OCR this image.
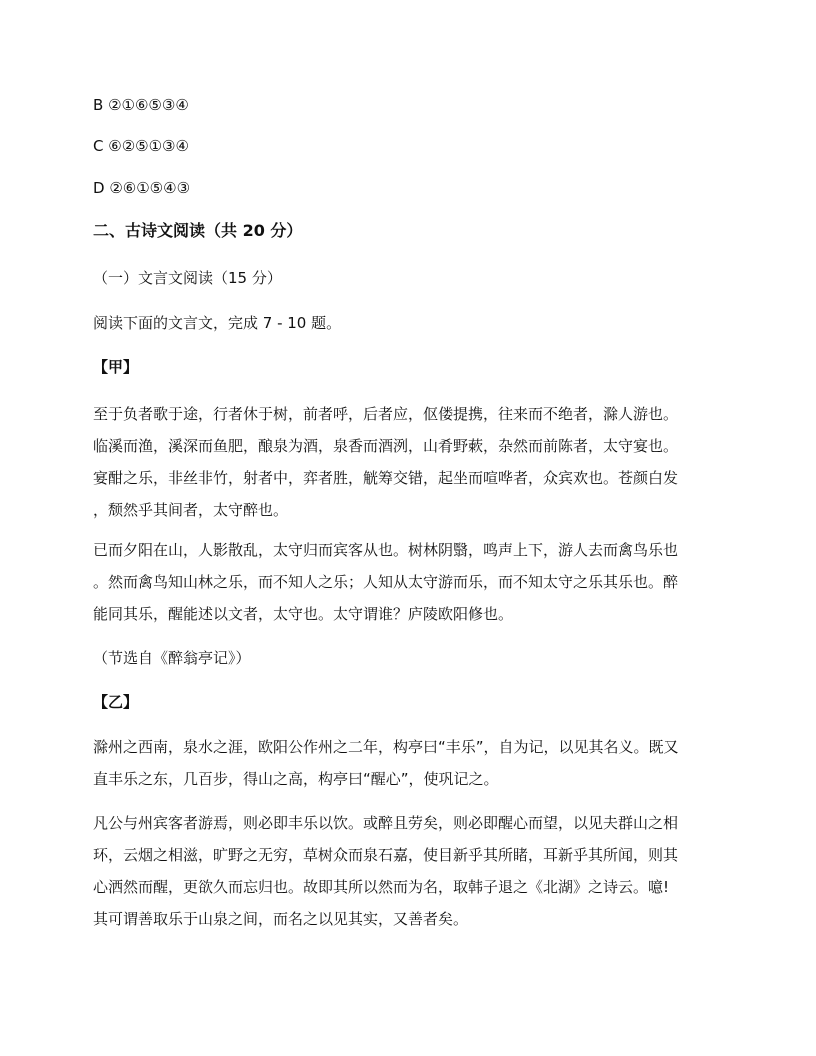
B ②①⑥⑤③④
C ⑥②⑤①③④
D ②⑥①⑤④③
二、古诗文阅读（共 20 分）
（一）文言文阅读（15 分）
阅读下面的文言文，完成 7 - 10 题。
【甲】
至于负者歌于途，行者休于树，前者呼，后者应，伛偻提携，往来而不绝者，滁人游也。
临溪而渔，溪深而鱼肥，酿泉为酒，泉香而酒洌，山肴野蔌，杂然而前陈者，太守宴也。
宴酣之乐，非丝非竹，射者中，弈者胜，觥筹交错，起坐而喧哗者，众宾欢也。苍颜白发
，颓然乎其间者，太守醉也。
已而夕阳在山，人影散乱，太守归而宾客从也。树林阴翳，鸣声上下，游人去而禽鸟乐也
。然而禽鸟知山林之乐，而不知人之乐；人知从太守游而乐，而不知太守之乐其乐也。醉
能同其乐，醒能述以文者，太守也。太守谓谁？庐陵欧阳修也。
（节选自《醉翁亭记》）
【乙】
滁州之西南，泉水之涯，欧阳公作州之二年，构亭曰“丰乐”，自为记，以见其名义。既又
直丰乐之东，几百步，得山之高，构亭曰“醒心”，使巩记之。
凡公与州宾客者游焉，则必即丰乐以饮。或醉且劳矣，则必即醒心而望，以见夫群山之相
环，云烟之相滋，旷野之无穷，草树众而泉石嘉，使目新乎其所睹，耳新乎其所闻，则其
心洒然而醒，更欲久而忘归也。故即其所以然而为名，取韩子退之《北湖》之诗云。噫!
其可谓善取乐于山泉之间，而名之以见其实，又善者矣。
